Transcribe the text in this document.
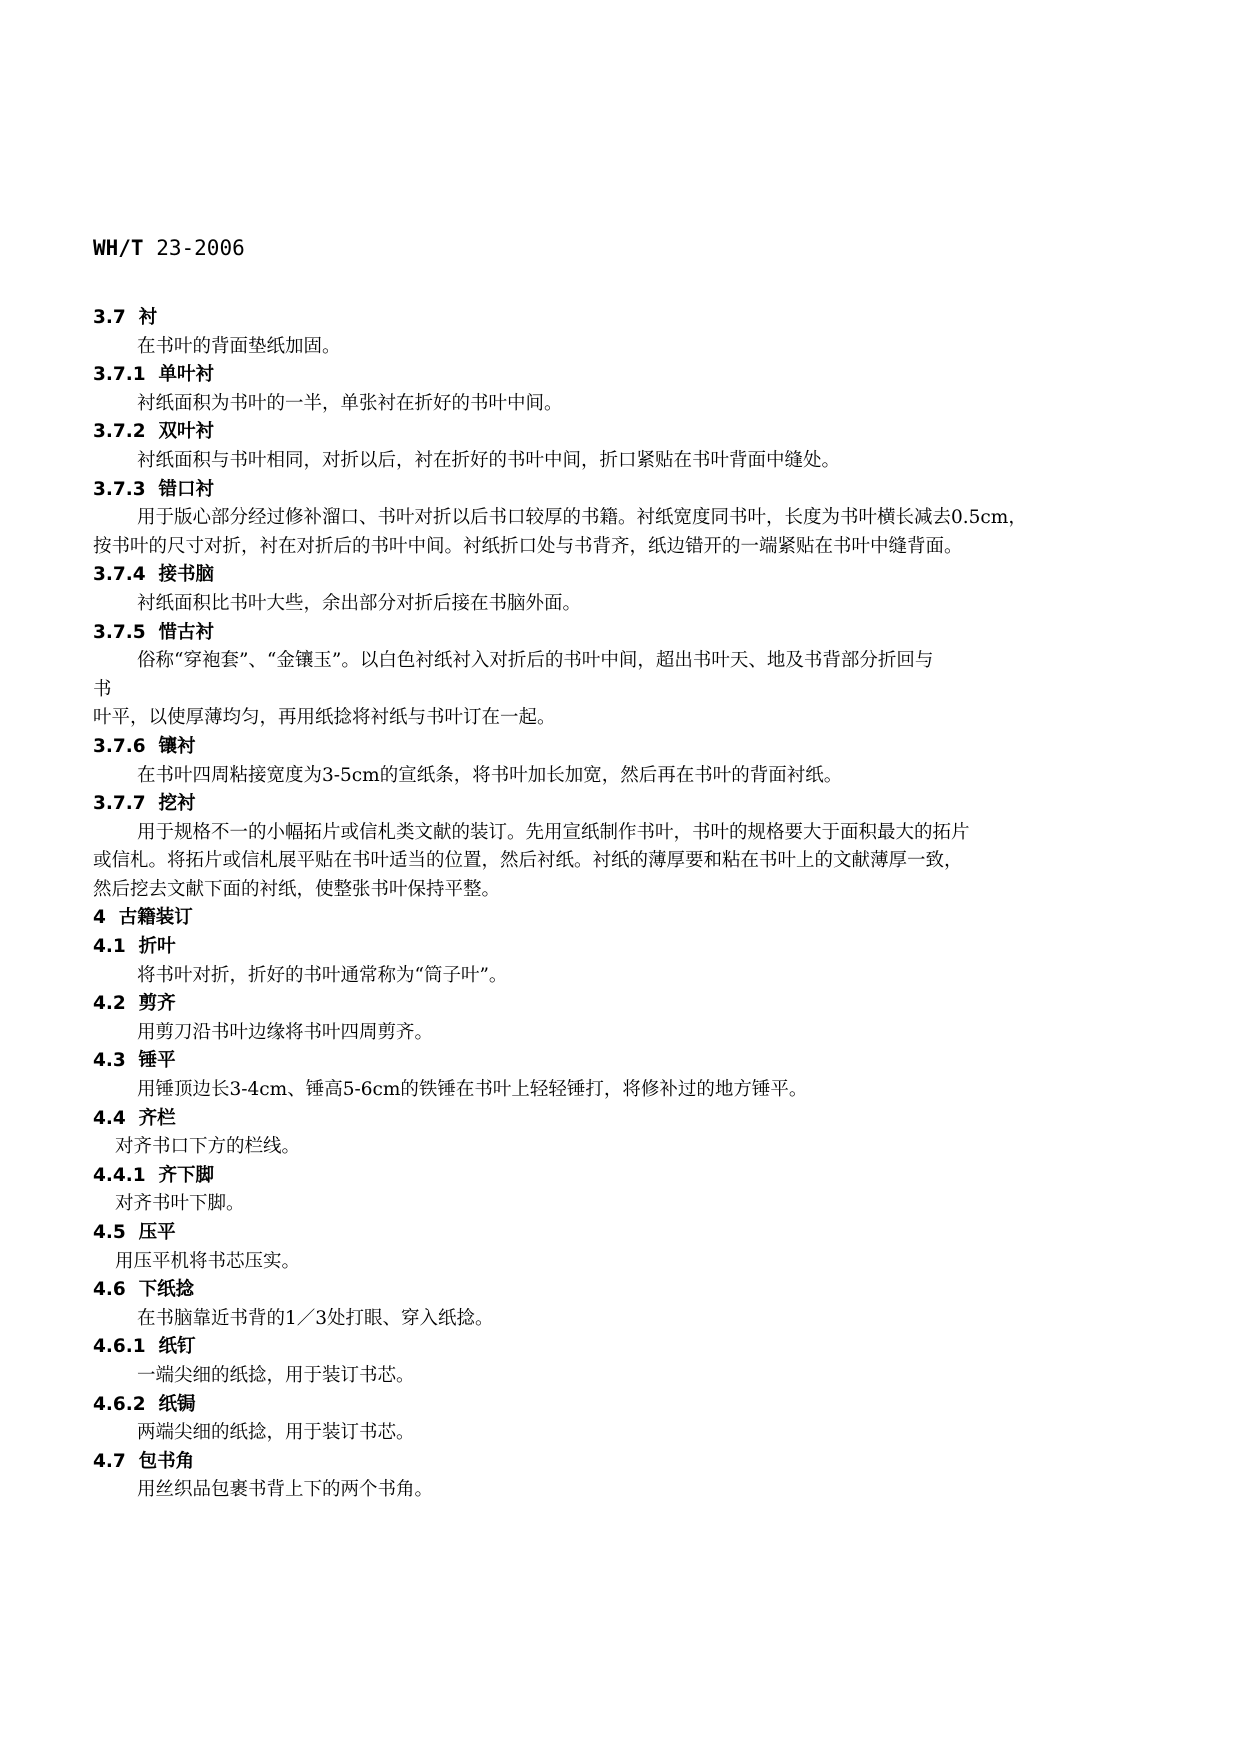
WH/T 23-2006
3.7  衬
在书叶的背面垫纸加固。
3.7.1  单叶衬
衬纸面积为书叶的一半，单张衬在折好的书叶中间。
3.7.2  双叶衬
衬纸面积与书叶相同，对折以后，衬在折好的书叶中间，折口紧贴在书叶背面中缝处。
3.7.3  错口衬
用于版心部分经过修补溜口、书叶对折以后书口较厚的书籍。衬纸宽度同书叶，长度为书叶横长减去0.5cm，
按书叶的尺寸对折，衬在对折后的书叶中间。衬纸折口处与书背齐，纸边错开的一端紧贴在书叶中缝背面。
3.7.4  接书脑
衬纸面积比书叶大些，余出部分对折后接在书脑外面。
3.7.5  惜古衬
俗称“穿袍套”、“金镶玉”。以白色衬纸衬入对折后的书叶中间，超出书叶天、地及书背部分折回与
书
叶平，以使厚薄均匀，再用纸捻将衬纸与书叶订在一起。
3.7.6  镶衬
在书叶四周粘接宽度为3-5cm的宣纸条，将书叶加长加宽，然后再在书叶的背面衬纸。
3.7.7  挖衬
用于规格不一的小幅拓片或信札类文献的装订。先用宣纸制作书叶，书叶的规格要大于面积最大的拓片
或信札。将拓片或信札展平贴在书叶适当的位置，然后衬纸。衬纸的薄厚要和粘在书叶上的文献薄厚一致，
然后挖去文献下面的衬纸，使整张书叶保持平整。
4  古籍装订
4.1  折叶
将书叶对折，折好的书叶通常称为“筒子叶”。
4.2  剪齐
用剪刀沿书叶边缘将书叶四周剪齐。
4.3  锤平
用锤顶边长3-4cm、锤高5-6cm的铁锤在书叶上轻轻锤打，将修补过的地方锤平。
4.4  齐栏
对齐书口下方的栏线。
4.4.1  齐下脚
对齐书叶下脚。
4.5  压平
用压平机将书芯压实。
4.6  下纸捻
在书脑靠近书背的1／3处打眼、穿入纸捻。
4.6.1  纸钉
一端尖细的纸捻，用于装订书芯。
4.6.2  纸锔
两端尖细的纸捻，用于装订书芯。
4.7  包书角
用丝织品包裹书背上下的两个书角。
